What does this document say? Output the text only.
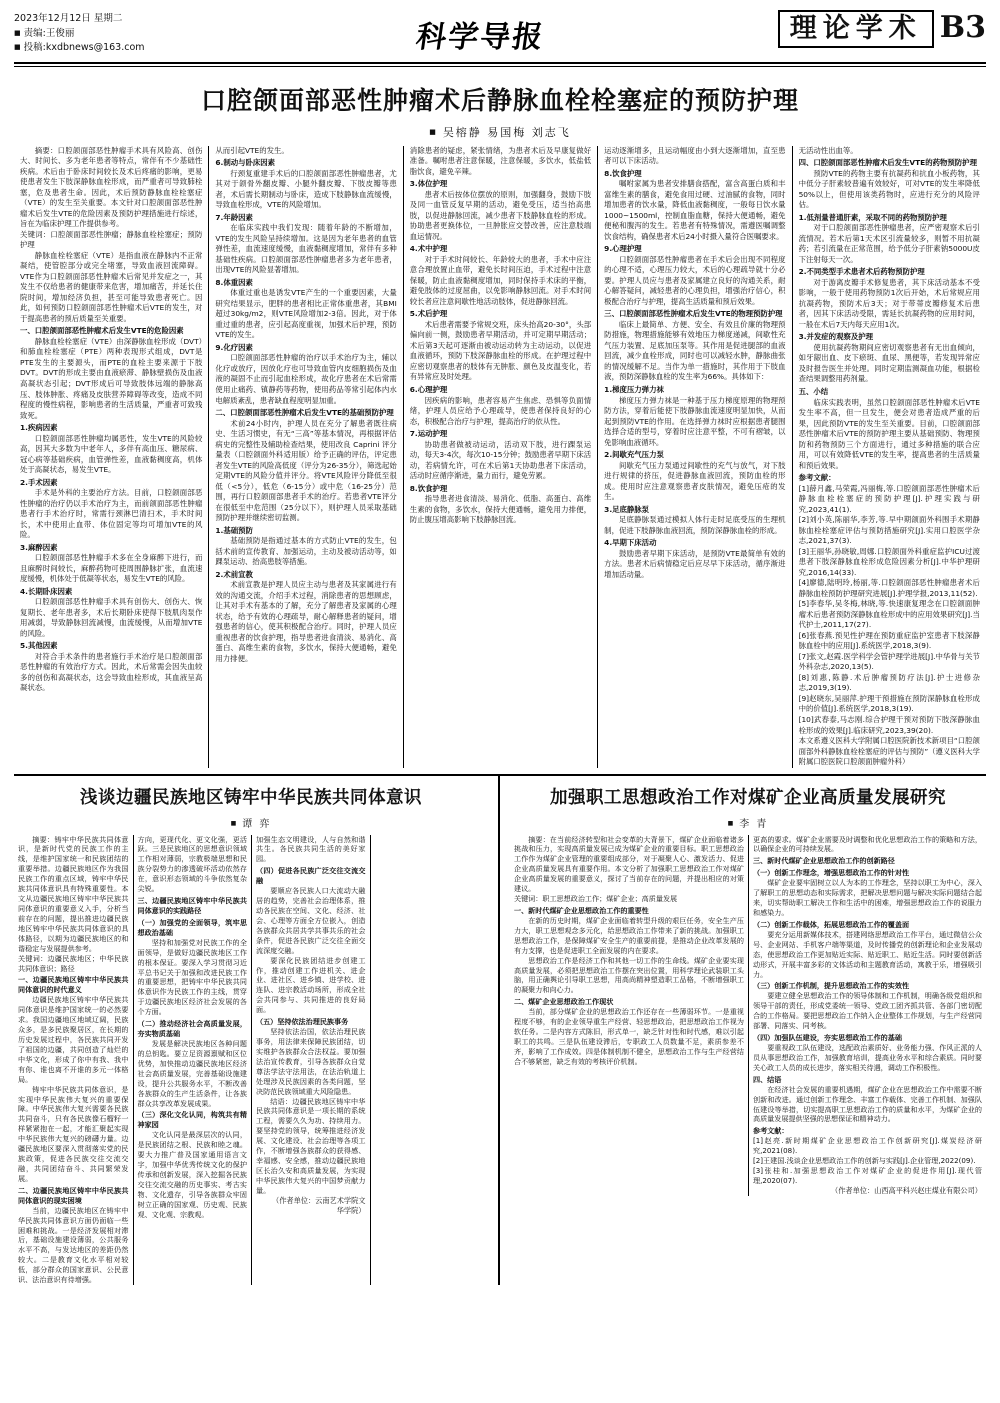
2023年12月12日 星期二
■ 责编:王俊丽
■ 投稿:kxdbnews@163.com	科学导报	理论学术 B3
口腔颌面部恶性肿瘤术后静脉血栓栓塞症的预防护理
■ 吴榕静 易国梅 刘志飞

摘要：口腔颌面部恶性肿瘤手术具有风险高、创伤大、时间长、多为老年患者等特点，常伴有不少基础性疾病。术后由于卧床时间较长及术后疼痛的影响，更易使患者发生下肢深静脉血栓形成，而严重者可导致肺栓塞，危及患者生命。因此，术后预防静脉血栓栓塞症（VTE）的发生至关重要。本文针对口腔颌面部恶性肿瘤术后发生VTE的危险因素及预防护理措施进行综述，旨在为临床护理工作提供参考。

关键词：口腔颌面部恶性肿瘤；静脉血栓栓塞症；预防护理

静脉血栓栓塞症（VTE）是指血液在静脉内不正常凝结，使管腔部分或完全堵塞，导致血液回流障碍。VTE作为口腔颌面部恶性肿瘤术后常见并发症之一，其发生不仅给患者的健康带来危害，增加痛苦，并延长住院时间，增加经济负担，甚至可能导致患者死亡。因此，如何预防口腔颌面部恶性肿瘤术后VTE的发生，对于提高患者的预后质量至关重要。

一、口腔颌面部恶性肿瘤术后发生VTE的危险因素

静脉血栓栓塞症（VTE）由深静脉血栓形成（DVT）和肺血栓栓塞症（PTE）两种表现形式组成，DVT是PTE发生的主要源头，而PTE的血栓主要来源于下肢DVT。DVT的形成主要由血液瘀滞、静脉壁损伤及血液高凝状态引起；DVT形成后可导致肢体远端的静脉高压、肢体肿胀、疼痛及皮肤营养障碍等改变，造成不同程度的慢性病程，影响患者的生活质量，严重者可致残致死。

1.疾病因素

口腔颌面部恶性肿瘤均属恶性，发生VTE的风险较高，因其大多数为中老年人，多伴有高血压、糖尿病、冠心病等基础疾病，血管弹性差，血液黏稠度高，机体处于高凝状态，易发生VTE。

2.手术因素

手术是外科的主要治疗方法。目前，口腔颌面部恶性肿瘤的治疗仍以手术治疗为主，而前颌面部恶性肿瘤患者行手术治疗时，常需行颈淋巴清扫术，手术时间长，术中使用止血带、体位固定等均可增加VTE的风险。

3.麻醉因素

口腔颌面部恶性肿瘤手术多在全身麻醉下进行，而且麻醉时间较长，麻醉药物可使周围静脉扩张，血流速度缓慢，机体处于低凝等状态，易发生VTE的风险。

4.长期卧床因素

口腔颌面部恶性肿瘤手术具有创伤大、创伤大、恢复期长、老年患者多，术后长期卧床使得下肢肌肉泵作用减弱，导致静脉回流减慢，血流缓慢，从而增加VTE的风险。

5.其他因素

对符合手术条件的患者施行手术治疗是口腔颌面部恶性肿瘤的有效治疗方式。因此，术后常需会因失血较多的创伤和高凝状态，这会导致血栓形成，其血液呈高凝状态。

从而引起VTE的发生。

6.制动与卧床因素

行颈复重建手术后的口腔颌面部恶性肿瘤患者，尤其对于颌骨外翻皮瓣、小腿外翻皮瓣、下肢皮瓣等患者，术后需长期制动与卧床，造成下肢静脉血流缓慢，导致血栓形成，VTE的风险增加。

7.年龄因素

在临床实践中我们发现：随着年龄的不断增加，VTE的发生风险呈持续增加。这是因为老年患者的血管弹性差，血流速度缓慢，血液黏稠度增加，常伴有多种基础性疾病。口腔颌面部恶性肿瘤患者多为老年患者，出现VTE的风险显著增加。

8.体重因素

体重过重也是诱发VTE产生的一个重要因素，大量研究结果显示，肥胖的患者相比正常体重患者，其BMI超过30kg/m2，则VTE风险增加2-3倍。因此，对于体重过重的患者，应引起高度重视，加强术后护理，预防VTE的发生。

9.化疗因素

口腔颌面部恶性肿瘤的治疗以手术治疗为主，辅以化疗或放疗，因放化疗也可导致血管内皮细胞损伤及血液的凝固不止而引起血栓形成，故化疗患者在术后常需使用止痛药、镇静药等药物，使用药品等常引起体内水电解质紊乱，患者缺血程度明显加重。

二、口腔颌面部恶性肿瘤术后发生VTE的基础预防护理

术前24小时内，护理人员在充分了解患者既往病史、生活习惯史，有无“三高”等基本情况，再根据评估病史的完整性及辅助检查结果，使用改良 Caprini 评分量表（口腔颌面外科适用版）给予正确的评估，评定患者发生VTE的风险高低度（评分为26-35分），筛选起始定期VTE的风险分值并评分。将VTE风险评分降低至很低（<5分），低危（6-15分）或中危（16-25分）范围，再行口腔颌面部患者手术的治疗。若患者VTE评分在很低至中危范围（25分以下），则护理人员采取基础预防护理并继续密切监测。

1.基础预防

基础预防是指通过基本的方式防止VTE的发生，包括术前的宣传教育、加强运动，主动及被动活动等，如踝泵运动、抬高患肢等措施。

2.术前宣教

术前宣教是护理人员应主动与患者及其家属进行有效的沟通交流，介绍手术过程，消除患者的思想顾虑，让其对手术有基本的了解，充分了解患者及家属的心理状态，给予有效的心理疏导，耐心解释患者的疑问，增强患者的信心，使其积极配合治疗。同时，护理人员应重视患者的饮食护理，指导患者进食清淡、易消化、高蛋白、高维生素的食物，多饮水，保持大便通畅，避免用力排便。

消除患者的疑虑，紧张情绪，为患者术后及早康复做好准备。嘱咐患者注意保暖，注意保暖，多饮水，低盐低脂饮食，避免辛辣。

3.体位护理

患者术后按体位摆放的原则，加强翻身，鼓励下肢及同一血管反复早期的活动，避免受压，适当抬高患肢，以促进静脉回流，减少患者下肢静脉血栓的形成。协助患者更换体位，一旦肿胀应交替改善，应注意肢端血运情况。

4.术中护理

对于手术时间较长、年龄较大的患者，手术中应注意合理放置止血带，避免长时间压迫，手术过程中注意保暖，防止血液黏稠度增加，同时保持手术床的平衡，避免肢体的过度屈曲，以免影响静脉回流。对手术时间较长者应注意间歇性地活动肢体，促进静脉回流。

5.术后护理

术后患者需要予常规交班，床头抬高20-30°，头部偏向前一侧，鼓励患者早期活动，并可定期早期活动；术后第3天起可逐渐由被动运动转为主动运动，以促进血液循环，预防下肢深静脉血栓的形成。在护理过程中应密切观察患者的肢体有无肿胀、颜色及皮温变化，若有异常应及时处理。

6.心理护理

因疾病的影响，患者容易产生焦虑、恐惧等负面情绪，护理人员应给予心理疏导，使患者保持良好的心态，积极配合治疗与护理，提高治疗的依从性。

7.运动护理

协助患者做被动运动，活动双下肢，进行踝泵运动，每天3-4次，每次10-15分钟；鼓励患者早期下床活动，若病情允许，可在术后第1天协助患者下床活动，活动时应循序渐进，量力而行，避免劳累。

8.饮食护理

指导患者进食清淡、易消化、低脂、高蛋白、高维生素的食物，多饮水，保持大便通畅，避免用力排便，防止腹压增高影响下肢静脉回流。

运动逐渐增多，且运动幅度由小到大逐渐增加，直至患者可以下床活动。

8.饮食护理

嘱咐家属为患者安排膳食搭配，富含高蛋白质和丰富维生素的膳食，避免食用过硬、过油腻的食物，同时增加患者的饮水量，降低血液黏稠度，一般每日饮水量1000~1500ml，控制血脂血糖，保持大便通畅，避免便秘和腹泻的发生。若患者有特殊情况，需遵医嘱调整饮食结构，确保患者术后24小时摄入量符合医嘱要求。

9.心理护理

口腔颌面部恶性肿瘤患者在手术后会出现不同程度的心理不适，心理压力较大，术后的心理疏导就十分必要。护理人员应与患者及家属建立良好的沟通关系，耐心解答疑问，减轻患者的心理负担，增强治疗信心，积极配合治疗与护理，提高生活质量和预后效果。

三、口腔颌面部恶性肿瘤术后发生VTE的物理预防护理

临床上最简单、方便、安全、有效且价廉的物理预防措施，物理措施能够有效地压力梯度递减，间歇性充气压力装置、足底加压泵等。其作用是促进腿部的血液回流，减少血栓形成，同时也可以减轻水肿，静脉曲张的情况缓解不足。当作为单一措施时，其作用于下肢血液，预防深静脉血栓的发生率为66%。具体如下：

1.梯度压力弹力袜

梯度压力弹力袜是一种基于压力梯度原理的物理预防方法，穿着后能使下肢静脉血流速度明显加快，从而起到预防VTE的作用。在选择弹力袜时应根据患者腿围选择合适的型号，穿着时应注意平整，不可有褶皱，以免影响血液循环。

2.间歇充气压力泵

间歇充气压力泵通过间歇性的充气与放气，对下肢进行规律的挤压，促进静脉血液回流，预防血栓的形成。使用时应注意观察患者皮肤情况，避免压疮的发生。

3.足底静脉泵

足底静脉泵通过模拟人体行走时足底受压的生理机制，促进下肢静脉血液回流，预防深静脉血栓的形成。

4.早期下床活动

鼓励患者早期下床活动，是预防VTE最简单有效的方法。患者术后病情稳定后应尽早下床活动，循序渐进增加活动量。

无活动性出血等。

四、口腔颌面部恶性肿瘤术后发生VTE的药物预防护理

预防VTE的药物主要有抗凝药和抗血小板药物，其中低分子肝素较普遍有效较好，可对VTE的发生率降低50%以上，但使用该类药物时，应进行充分的风险评估。

1.低剂量普通肝素，采取不同的药物预防护理

对于口腔颌面部恶性肿瘤患者，应严密观察术后引流情况。若术后第1天术区引流量较多，则暂不用抗凝药；若引流量在正常范围，给予低分子肝素钠5000U皮下注射每天一次。

2.不同类型手术患者术后药物预防护理

对于游离皮瓣手术修复患者，其下床活动基本不受影响，一般于使用药物预防1次后开始，术后常规应用抗凝药物，预防术后3天；对于带蒂皮瓣修复术后患者，因其下床活动受限，需延长抗凝药物的应用时间，一般在术后7天内每天应用1次。

3.并发症的观察及护理

使用抗凝药物期间应密切观察患者有无出血倾向，如牙龈出血、皮下瘀斑、血尿、黑便等，若发现异常应及时报告医生并处理。同时定期监测凝血功能，根据检查结果调整用药剂量。

五、小结

临床实践表明，虽然口腔颌面部恶性肿瘤术后VTE发生率不高，但一旦发生，便会对患者造成严重的后果，因此预防VTE的发生至关重要。目前，口腔颌面部恶性肿瘤术后VTE的预防护理主要从基础预防、物理预防和药物预防三个方面进行，通过多种措施的联合应用，可以有效降低VTE的发生率，提高患者的生活质量和预后效果。

参考文献：

[1]薛月鑫,马荣霞,冯丽梅,等.口腔颌面部恶性肿瘤术后静脉血栓栓塞症的预防护理[J].护理实践与研究,2023,41(1).

[2]刘小英,陈丽华,李芳,等.早中期颌面外科围手术期静脉血栓栓塞症评估与预防措施研究[J].实用口腔医学杂志,2021,37(3).

[3]王丽华,孙晓敏,周娜.口腔颌面外科重症监护ICU过渡患者下肢深静脉血栓形成危险因素分析[J].中华护理研究,2016,14(33).

[4]廖德,陆明玲,杨丽,等.口腔颌面部恶性肿瘤患者术后静脉血栓预防护理研究进展[J].护理学报,2013,11(52).

[5]李春华,吴冬梅,林晓,等.快速康复理念在口腔颌面肿瘤术后患者预防深静脉血栓形成中的应用效果研究[J].当代护士,2011,17(27).

[6]张春燕.预见性护理在预防重症监护室患者下肢深静脉血栓中的应用[J].系统医学,2018,3(9).

[7]张文,赵霞.医学科学会管护理学进展[J].中华骨与关节外科杂志,2020,13(5).

[8]刘惠,陈静.术后肿瘤预防疗法[J].护士进修杂志,2019,3(19).

[9]赵晓东,吴丽萍.护理干预措施在预防深静脉血栓形成中的价值[J].系统医学,2018,3(19).

[10]武春泰,马志刚.综合护理干预对预防下肢深静脉血栓形成的效果[J].临床研究,2023,39(20).

本文系遵义医科大学附属口腔医院新技术新项目“口腔颌面部外科静脉血栓栓塞症的评估与预防”（遵义医科大学附属口腔医院口腔颌面肿瘤外科）

浅谈边疆民族地区铸牢中华民族共同体意识
■ 谭 弈

摘要：铸牢中华民族共同体意识，是新时代党的民族工作的主线，是维护国家统一和民族团结的重要举措。边疆民族地区作为我国民族工作的重点区域，铸牢中华民族共同体意识具有特殊重要性。本文从边疆民族地区铸牢中华民族共同体意识的重要意义入手，分析当前存在的问题，提出推进边疆民族地区铸牢中华民族共同体意识的具体路径，以期为边疆民族地区的和谐稳定与发展提供参考。

关键词：边疆民族地区；中华民族共同体意识；路径

一、边疆民族地区铸牢中华民族共同体意识的时代意义

边疆民族地区铸牢中华民族共同体意识是维护国家统一的必然要求。我国边疆地区地域辽阔，民族众多，是多民族聚居区，在长期的历史发展过程中，各民族共同开发了祖国的边疆，共同创造了灿烂的中华文化，形成了你中有我、我中有你、谁也离不开谁的多元一体格局。

铸牢中华民族共同体意识，是实现中华民族伟大复兴的重要保障。中华民族伟大复兴需要各民族共同奋斗，只有各民族像石榴籽一样紧紧抱在一起，才能汇聚起实现中华民族伟大复兴的磅礴力量。边疆民族地区要深入贯彻落实党的民族政策，促进各民族交往交流交融，共同团结奋斗、共同繁荣发展。

二、边疆民族地区铸牢中华民族共同体意识的现实困境

当前，边疆民族地区在铸牢中华民族共同体意识方面仍面临一些困难和挑战。一是经济发展相对滞后，基础设施建设薄弱，公共服务水平不高，与发达地区的差距仍然较大。二是教育文化水平相对较低，部分群众的国家意识、公民意识、法治意识有待增强。

方向，更现代化、更文化强，更活跃。三是民族地区的思想意识领域工作相对薄弱，宗教极端思想和民族分裂势力的渗透破坏活动依然存在，意识形态领域的斗争依然复杂尖锐。

三、边疆民族地区铸牢中华民族共同体意识的实践路径

（一）加强党的全面领导，筑牢思想政治基础

坚持和加强党对民族工作的全面领导，是做好边疆民族地区工作的根本保证。要深入学习贯彻习近平总书记关于加强和改进民族工作的重要思想，把铸牢中华民族共同体意识作为民族工作的主线，贯穿于边疆民族地区经济社会发展的各个方面。

（二）推动经济社会高质量发展，夯实物质基础

发展是解决民族地区各种问题的总钥匙。要立足资源禀赋和区位优势，加快推动边疆民族地区经济社会高质量发展，完善基础设施建设，提升公共服务水平，不断改善各族群众的生产生活条件，让各族群众共享改革发展成果。

（三）深化文化认同，构筑共有精神家园

文化认同是最深层次的认同，是民族团结之根、民族和睦之魂。要大力推广普及国家通用语言文字，加强中华优秀传统文化的保护传承和创新发展，深入挖掘各民族交往交流交融的历史事实、考古实物、文化遗存，引导各族群众牢固树立正确的国家观、历史观、民族观、文化观、宗教观。

加强生态文明建设，人与自然和谐共生。各民族共同生活的美好家园。

（四）促进各民族广泛交往交流交融

要顺应各民族人口大流动大融居的趋势，完善社会治理体系，推动各民族在空间、文化、经济、社会、心理等方面全方位嵌入，创造各族群众共居共学共事共乐的社会条件，促进各民族广泛交往全面交流深度交融。

要深化民族团结进步创建工作，推动创建工作进机关、进企业、进社区、进乡镇、进学校、进连队、进宗教活动场所，形成全社会共同参与、共同推进的良好局面。

（五）坚持依法治理民族事务

坚持依法治国，依法治理民族事务，用法律来保障民族团结，切实维护各族群众合法权益。要加强法治宣传教育，引导各族群众自觉尊法学法守法用法，在法治轨道上处理涉及民族因素的各类问题，坚决防范民族领域重大风险隐患。

结语：边疆民族地区铸牢中华民族共同体意识是一项长期的系统工程，需要久久为功、持续用力。要坚持党的领导，统筹推进经济发展、文化建设、社会治理等各项工作，不断增强各族群众的获得感、幸福感、安全感，推动边疆民族地区长治久安和高质量发展，为实现中华民族伟大复兴的中国梦贡献力量。

（作者单位：云南艺术学院文华学院）

加强职工思想政治工作对煤矿企业高质量发展研究
■ 李 青

摘要：在当前经济转型和社会变革的大背景下，煤矿企业面临着诸多挑战和压力，实现高质量发展已成为煤矿企业的重要目标。职工思想政治工作作为煤矿企业管理的重要组成部分，对于凝聚人心、激发活力、促进企业高质量发展具有重要作用。本文分析了加强职工思想政治工作对煤矿企业高质量发展的重要意义，探讨了当前存在的问题，并提出相应的对策建议。

关键词：职工思想政治工作；煤矿企业；高质量发展

一、新时代煤矿企业思想政治工作的重要性

在新的历史时期，煤矿企业面临着转型升级的艰巨任务，安全生产压力大，职工思想观念多元化，给思想政治工作带来了新的挑战。加强职工思想政治工作，是保障煤矿安全生产的重要前提，是推动企业改革发展的有力支撑，也是促进职工全面发展的内在要求。

思想政治工作是经济工作和其他一切工作的生命线。煤矿企业要实现高质量发展，必须把思想政治工作摆在突出位置，用科学理论武装职工头脑，用正确舆论引导职工思想，用高尚精神塑造职工品格，不断增强职工的凝聚力和向心力。

二、煤矿企业思想政治工作现状

当前，部分煤矿企业的思想政治工作还存在一些薄弱环节。一是重视程度不够，有的企业领导重生产经营、轻思想政治，把思想政治工作视为软任务。二是内容方式陈旧，形式单一，缺乏针对性和时代感，难以引起职工的共鸣。三是队伍建设滞后，专职政工人员数量不足，素质参差不齐，影响了工作成效。四是体制机制不健全，思想政治工作与生产经营结合不够紧密，缺乏有效的考核评价机制。

更高的要求。煤矿企业需要及时调整和优化思想政治工作的策略和方法，以确保企业的可持续发展。

三、新时代煤矿企业思想政治工作的创新路径

（一）创新工作理念，增强思想政治工作的针对性

煤矿企业要牢固树立以人为本的工作理念，坚持以职工为中心，深入了解职工的思想动态和实际需求，把解决思想问题与解决实际问题结合起来，切实帮助职工解决工作和生活中的困难，增强思想政治工作的说服力和感染力。

（二）创新工作载体，拓展思想政治工作的覆盖面

要充分运用新媒体技术，搭建网络思想政治工作平台，通过微信公众号、企业网站、手机客户端等渠道，及时传播党的创新理论和企业发展动态，使思想政治工作更加贴近实际、贴近职工、贴近生活。同时要创新活动形式，开展丰富多彩的文体活动和主题教育活动，寓教于乐，增强吸引力。

（三）创新工作机制，提升思想政治工作的实效性

要建立健全思想政治工作的领导体制和工作机制，明确各级党组织和领导干部的责任，形成党委统一领导、党政工团齐抓共管、各部门密切配合的工作格局。要把思想政治工作纳入企业整体工作规划，与生产经营同部署、同落实、同考核。

（四）加强队伍建设，夯实思想政治工作的基础

要重视政工队伍建设，选配政治素质好、业务能力强、作风正派的人员从事思想政治工作，加强教育培训，提高业务水平和综合素质。同时要关心政工人员的成长进步，落实相关待遇，调动工作积极性。

四、结语

在经济社会发展的重要机遇期，煤矿企业在思想政治工作中需要不断创新和改进。通过创新工作理念、丰富工作载体、完善工作机制、加强队伍建设等举措，切实提高职工思想政治工作的质量和水平，为煤矿企业的高质量发展提供坚强的思想保证和精神动力。

参考文献：

[1]赵亮.新时期煤矿企业思想政治工作创新研究[J].煤炭经济研究,2021(08).

[2]王建国.浅谈企业思想政治工作的创新与实践[J].企业管理,2022(09).

[3]张桂和.加强思想政治工作对煤矿企业的促进作用[J].现代管理,2020(07).

（作者单位：山西高平科兴赵庄煤业有限公司）
